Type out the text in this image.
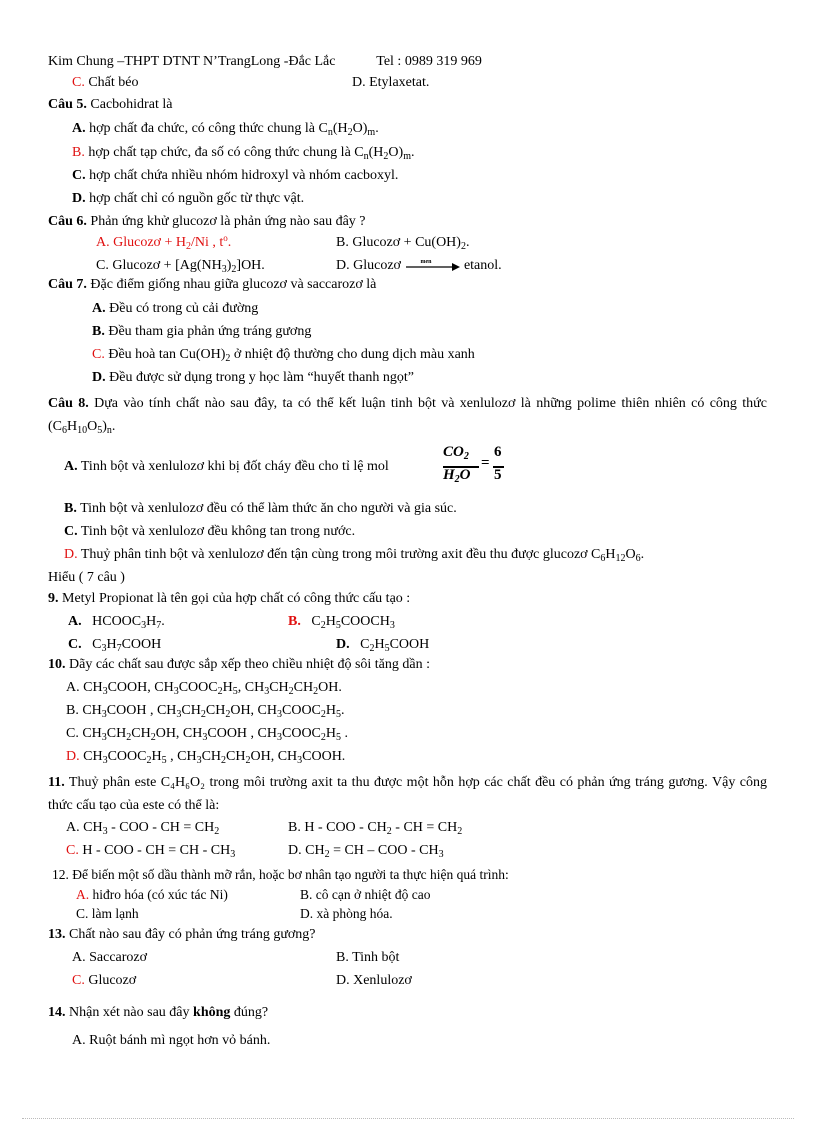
Kim Chung –THPT DTNT N’TrangLong -Đắc Lắc	Tel : 0989 319 969
C. Chất béo	D. Etylaxetat.
Câu 5. Cacbohidrat là
A. hợp chất đa chức, có công thức chung là $C_n(H_2O)_m$.
B. hợp chất tạp chức, đa số có công thức chung là $C_n(H_2O)_m$.
C. hợp chất chứa nhiều nhóm hidroxyl và nhóm cacboxyl.
D. hợp chất chỉ có nguồn gốc từ thực vật.
Câu 6. Phản ứng khử glucozơ là phản ứng nào sau đây ?
A. Glucozơ + $H_2/Ni$ , $t^o$.	B. Glucozơ + $Cu(OH)_2$.
C. Glucozơ + $[Ag(NH_3)_2]OH$.	D. Glucozơ	men etanol.
Câu 7. Đặc điểm giống nhau giữa glucozơ và saccarozơ là
A. Đều có trong củ cải đường
B. Đều tham gia phản ứng tráng gương
C. Đều hoà $\tan Cu(OH)_2$ ở nhiệt độ thường cho dung dịch màu xanh
D. Đều được sử dụng trong y học làm “huyết thanh ngọt”
Câu 8. Dựa vào tính chất nào sau đây, ta có thể kết luận tinh bột và xenlulozơ là những polime thiên nhiên có công thức $(C_6H_{10}O_5)_n$.
A. Tinh bột và xenlulozơ khi bị đốt cháy đều cho tỉ lệ mol
$CO_2$
$H_2O$
=
6
5
B. Tinh bột và xenlulozơ đều có thể làm thức ăn cho người và gia súc.
C. Tinh bột và xenlulozơ đều không tan trong nước.
D. Thuỷ phân tinh bột và xenlulozơ đến tận cùng trong môi trường axit đều thu được glucozơ $C_6H_{12}O_6$.
Hiểu ( 7 câu )
9. Metyl Propionat là tên gọi của hợp chất có công thức cấu tạo :
A.   $HCOOC_3H_7$.	B.   $C_2H_5COOCH_3$
C.   $C_3H_7COOH$	D.   $C_2H_5COOH$
10. Dãy các chất sau được sắp xếp theo chiều nhiệt độ sôi tăng dần :
A. $CH_3COOH$, $CH_3COOC_2H_5$, $CH_3CH_2CH_2OH$.
B. $CH_3COOH$ , $CH_3CH_2CH_2OH$, $CH_3COOC_2H_5$.
C. $CH_3CH_2CH_2OH$, $CH_3COOH$ , $CH_3COOC_2H_5$ .
D. $CH_3COOC_2H_5$ , $CH_3CH_2CH_2OH$, $CH_3COOH$.
11. Thuỷ phân este C₄H₆O₂ trong môi trường axit ta thu được một hỗn hợp các chất đều có phản ứng tráng gương. Vậy công thức cấu tạo của este có thể là:
A. $CH_3$ - COO - CH = $CH_2$	B. H - COO - $CH_2$ - CH = $CH_2$
C. H - COO - CH = CH - $CH_3$	D. $CH_2$ = CH – COO - $CH_3$
12. Để biến một số dầu thành mỡ rắn, hoặc bơ nhân tạo người ta thực hiện quá trình:
A. hiđro hóa (có xúc tác Ni)	B. cô cạn ở nhiệt độ cao
C. làm lạnh	D. xà phòng hóa.
13. Chất nào sau đây có phản ứng tráng gương?
A. Saccarozơ	B. Tinh bột
C. Glucozơ	D. Xenlulozơ
14. Nhận xét nào sau đây không đúng?
A. Ruột bánh mì ngọt hơn vỏ bánh.
